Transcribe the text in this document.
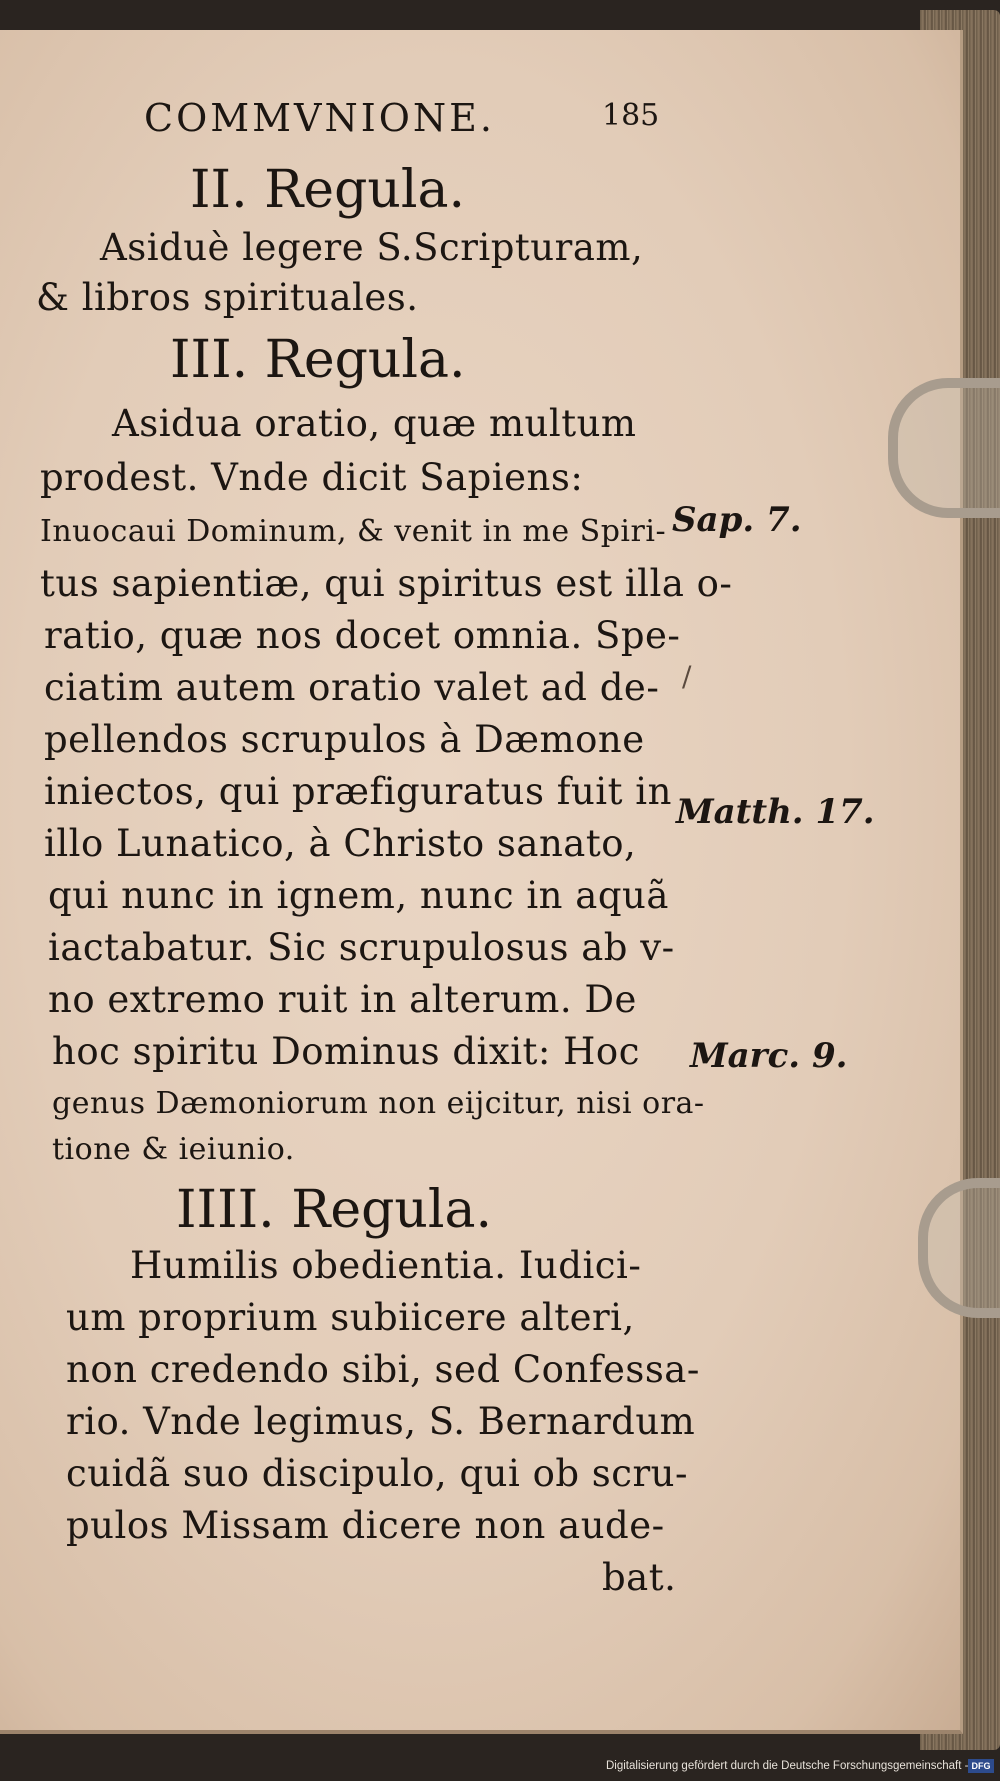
COMMVNIONE.	185
II. Regula.
Asiduè legere S.Scripturam,
& libros spirituales.
III. Regula.
Asidua oratio, quæ multum
prodest. Vnde dicit Sapiens:
Inuocaui Dominum, & venit in me Spiri-
tus sapientiæ, qui spiritus est illa o-
ratio, quæ nos docet omnia. Spe-
ciatim autem oratio valet ad de-
pellendos scrupulos à Dæmone
iniectos, qui præfiguratus fuit in
illo Lunatico, à Christo sanato,
qui nunc in ignem, nunc in aquã
iactabatur. Sic scrupulosus ab v-
no extremo ruit in alterum. De
hoc spiritu Dominus dixit: Hoc
genus Dæmoniorum non eijcitur, nisi ora-
tione & ieiunio.
IIII. Regula.
Humilis obedientia. Iudici-
um proprium subiicere alteri,
non credendo sibi, sed Confessa-
rio. Vnde legimus, S. Bernardum
cuidã suo discipulo, qui ob scru-
pulos Missam dicere non aude-
bat.
Sap. 7.
Matth. 17.
Marc. 9.
/
Digitalisierung gefördert durch die Deutsche Forschungsgemeinschaft - DFG
